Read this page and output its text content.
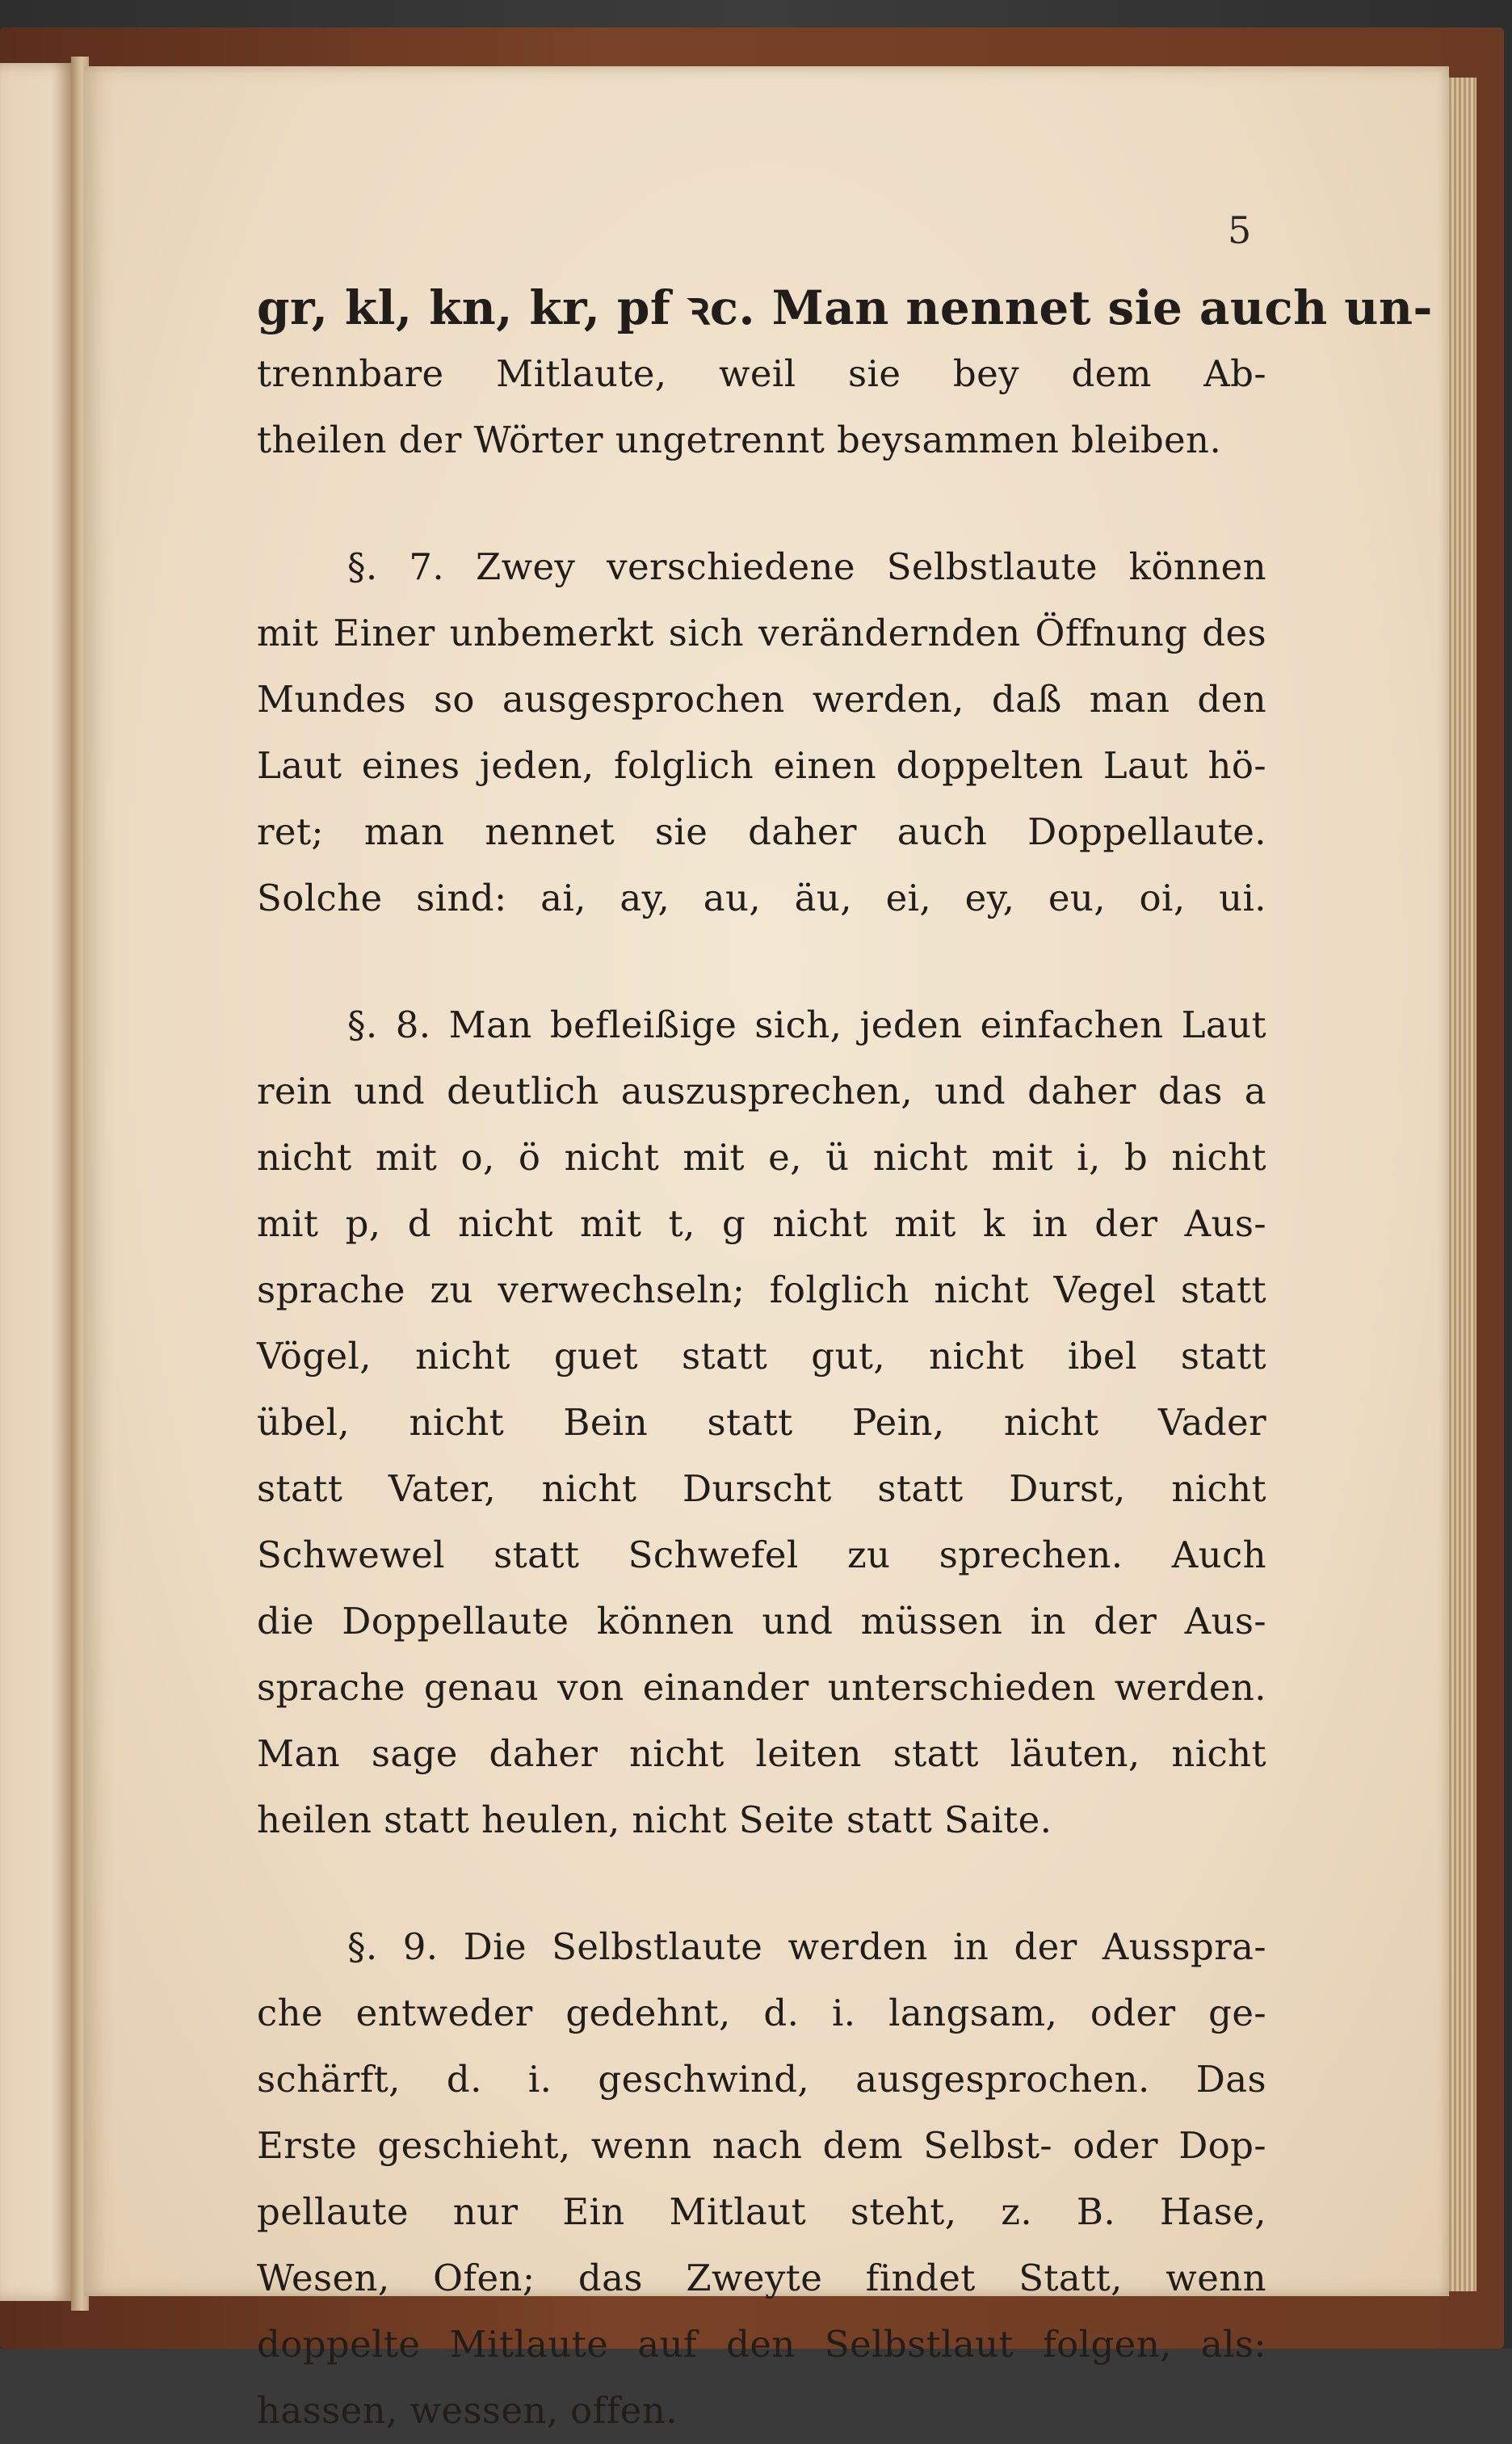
5
gr, kl, kn, kr, pf ꝛc. Man nennet sie auch un-
trennbare Mitlaute, weil sie bey dem Ab-
theilen der Wörter ungetrennt beysammen bleiben.
§. 7. Zwey verschiedene Selbstlaute können
mit Einer unbemerkt sich verändernden Öffnung des
Mundes so ausgesprochen werden, daß man den
Laut eines jeden, folglich einen doppelten Laut hö-
ret; man nennet sie daher auch Doppellaute.
Solche sind: ai, ay, au, äu, ei, ey, eu, oi, ui.
§. 8. Man befleißige sich, jeden einfachen Laut
rein und deutlich auszusprechen, und daher das a
nicht mit o, ö nicht mit e, ü nicht mit i, b nicht
mit p, d nicht mit t, g nicht mit k in der Aus-
sprache zu verwechseln; folglich nicht Vegel statt
Vögel, nicht guet statt gut, nicht ibel statt
übel, nicht Bein statt Pein, nicht Vader
statt Vater, nicht Durscht statt Durst, nicht
Schwewel statt Schwefel zu sprechen. Auch
die Doppellaute können und müssen in der Aus-
sprache genau von einander unterschieden werden.
Man sage daher nicht leiten statt läuten, nicht
heilen statt heulen, nicht Seite statt Saite.
§. 9. Die Selbstlaute werden in der Ausspra-
che entweder gedehnt, d. i. langsam, oder ge-
schärft, d. i. geschwind, ausgesprochen. Das
Erste geschieht, wenn nach dem Selbst- oder Dop-
pellaute nur Ein Mitlaut steht, z. B. Hase,
Wesen, Ofen; das Zweyte findet Statt, wenn
doppelte Mitlaute auf den Selbstlaut folgen, als:
hassen, wessen, offen.
